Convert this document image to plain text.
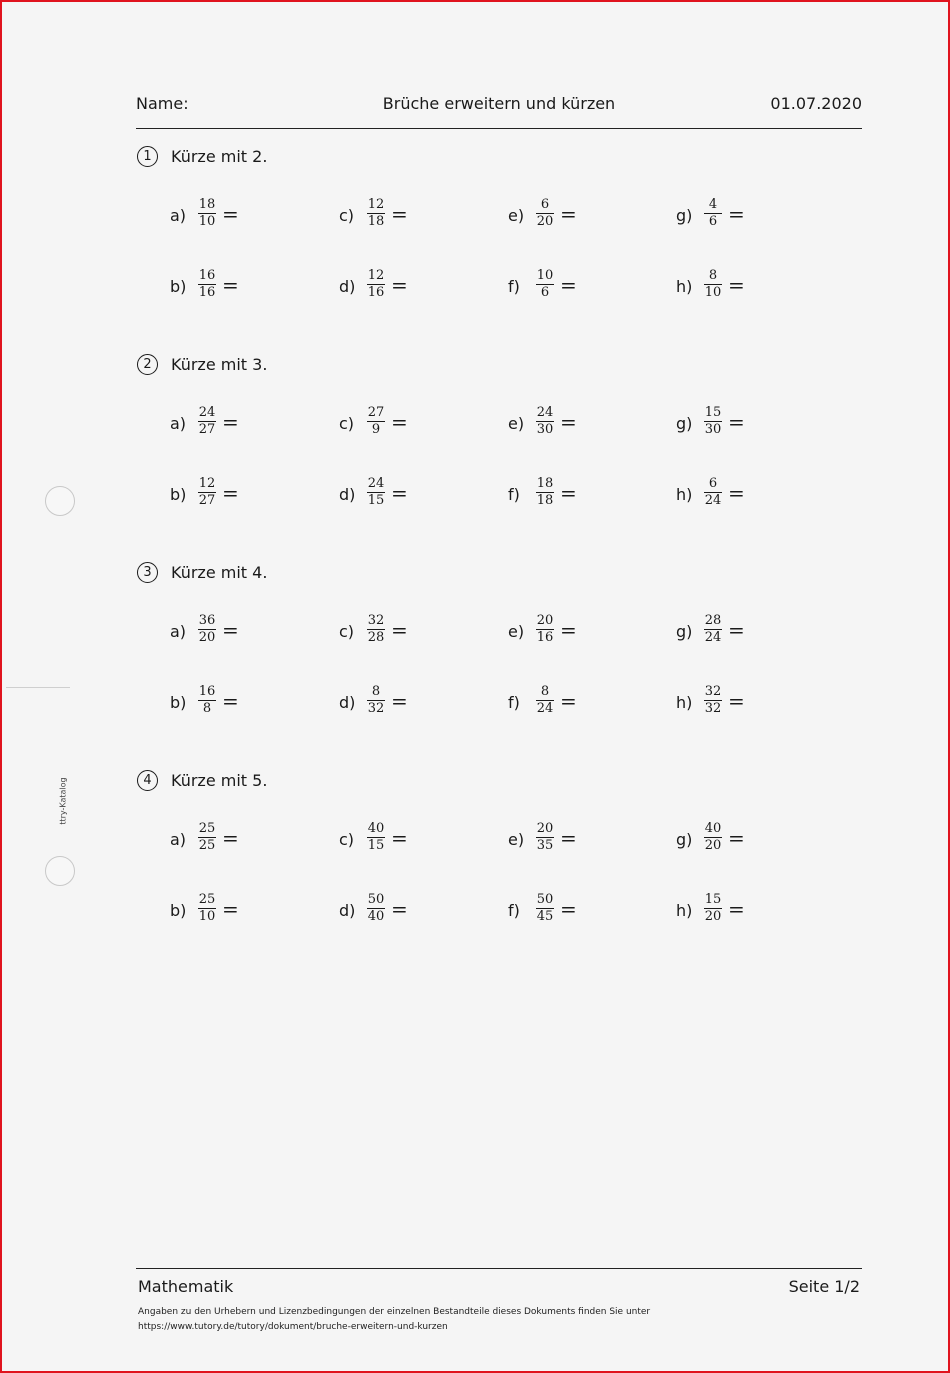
Name:	Brüche erweitern und kürzen	01.07.2020
ttry-Katalog
1	Kürze mit 2.
a)
18
10 =
b)
16
16 =
c)
12
18 =
d)
12
16 =
e)
6
20 =
f)
10
6 =
g)
4
6 =
h)
8
10 =
2	Kürze mit 3.
a)
24
27 =
b)
12
27 =
c)
27
9 =
d)
24
15 =
e)
24
30 =
f)
18
18 =
g)
15
30 =
h)
6
24 =
3	Kürze mit 4.
a)
36
20 =
b)
16
8 =
c)
32
28 =
d)
8
32 =
e)
20
16 =
f)
8
24 =
g)
28
24 =
h)
32
32 =
4	Kürze mit 5.
a)
25
25 =
b)
25
10 =
c)
40
15 =
d)
50
40 =
e)
20
35 =
f)
50
45 =
g)
40
20 =
h)
15
20 =
Mathematik	Seite 1/2
Angaben zu den Urhebern und Lizenzbedingungen der einzelnen Bestandteile dieses Dokuments finden Sie unter
https://www.tutory.de/tutory/dokument/bruche-erweitern-und-kurzen
